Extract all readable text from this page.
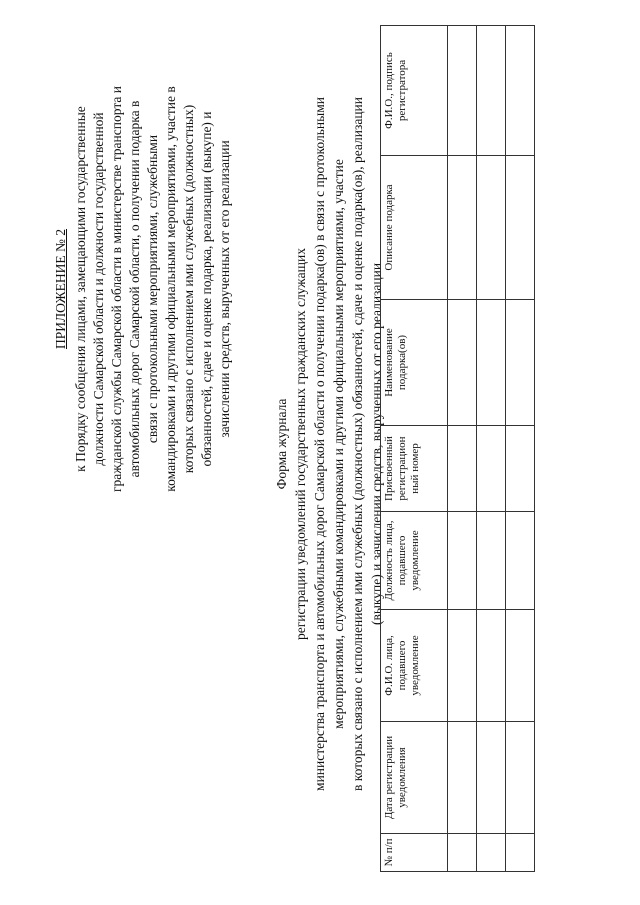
ПРИЛОЖЕНИЕ № 2 к Порядку сообщения лицами, замещающими государственные должности Самарской области и должности государственной гражданской службы Самарской области в министерстве транспорта и автомобильных дорог Самарской области, о получении подарка в связи с протокольными мероприятиями, служебными командировками и другими официальными мероприятиями, участие в которых связано с исполнением ими служебных (должностных) обязанностей, сдаче и оценке подарка, реализации (выкупе) и зачислении средств, вырученных от его реализации
Форма журнала регистрации уведомлений государственных гражданских служащих министерства транспорта и автомобильных дорог Самарской области о получении подарка(ов) в связи с протокольными мероприятиями, служебными командировками и другими официальными мероприятиями, участие в которых связано с исполнением ими служебных (должностных) обязанностей, сдаче и оценке подарка(ов), реализации (выкупе) и зачислении средств, вырученных от его реализации
№ п/п	Дата регистрации уведомления	Ф.И.О. лица, подавшего уведомление	Должность лица, подавшего уведомление	Присвоенный регистрацион ный номер	Наименование подарка(ов)	Описание подарка	Ф.И.О., подпись регистратора
